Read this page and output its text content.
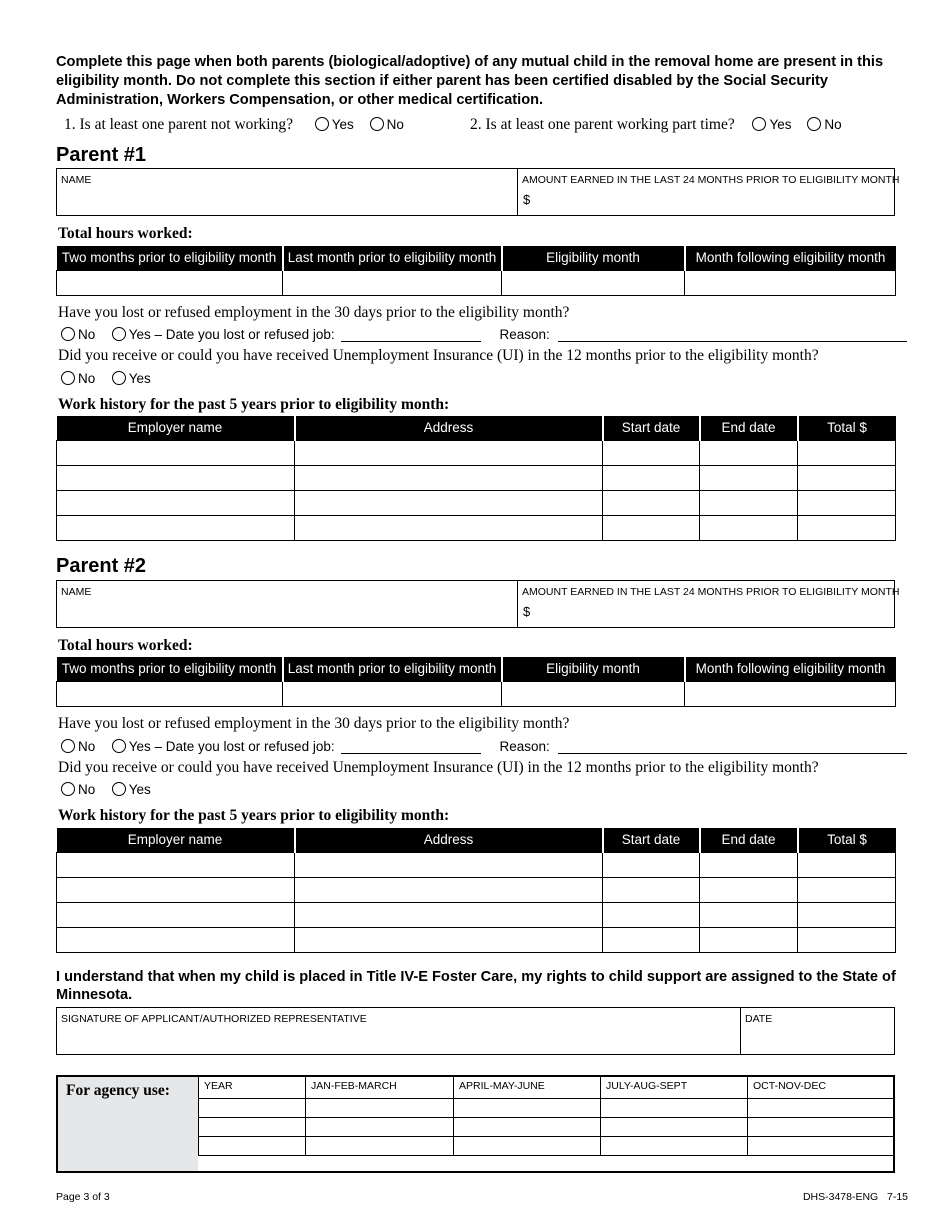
Complete this page when both parents (biological/adoptive) of any mutual child in the removal home are present in this eligibility month. Do not complete this section if either parent has been certified disabled by the Social Security Administration, Workers Compensation, or other medical certification.
1. Is at least one parent not working?	Yes No	2. Is at least one parent working part time?	Yes No
Parent #1
NAME	AMOUNT EARNED IN THE LAST 24 MONTHS PRIOR TO ELIGIBILITY MONTH
$
Total hours worked:
Two months prior to eligibility month	Last month prior to eligibility month	Eligibility month	Month following eligibility month

Have you lost or refused employment in the 30 days prior to the eligibility month?
No Yes – Date you lost or refused job:	Reason:
Did you receive or could you have received Unemployment Insurance (UI) in the 12 months prior to the eligibility month?
No Yes
Work history for the past 5 years prior to eligibility month:
Employer name	Address	Start date	End date	Total $

Parent #2
NAME	AMOUNT EARNED IN THE LAST 24 MONTHS PRIOR TO ELIGIBILITY MONTH
$
Total hours worked:
Two months prior to eligibility month	Last month prior to eligibility month	Eligibility month	Month following eligibility month

Have you lost or refused employment in the 30 days prior to the eligibility month?
No Yes – Date you lost or refused job:	Reason:
Did you receive or could you have received Unemployment Insurance (UI) in the 12 months prior to the eligibility month?
No Yes
Work history for the past 5 years prior to eligibility month:
Employer name	Address	Start date	End date	Total $

I understand that when my child is placed in Title IV-E Foster Care, my rights to child support are assigned to the State of Minnesota.
SIGNATURE OF APPLICANT/AUTHORIZED REPRESENTATIVE	DATE
For agency use:	YEAR	JAN-FEB-MARCH	APRIL-MAY-JUNE	JULY-AUG-SEPT	OCT-NOV-DEC

Page 3 of 3	DHS-3478-ENG   7-15
